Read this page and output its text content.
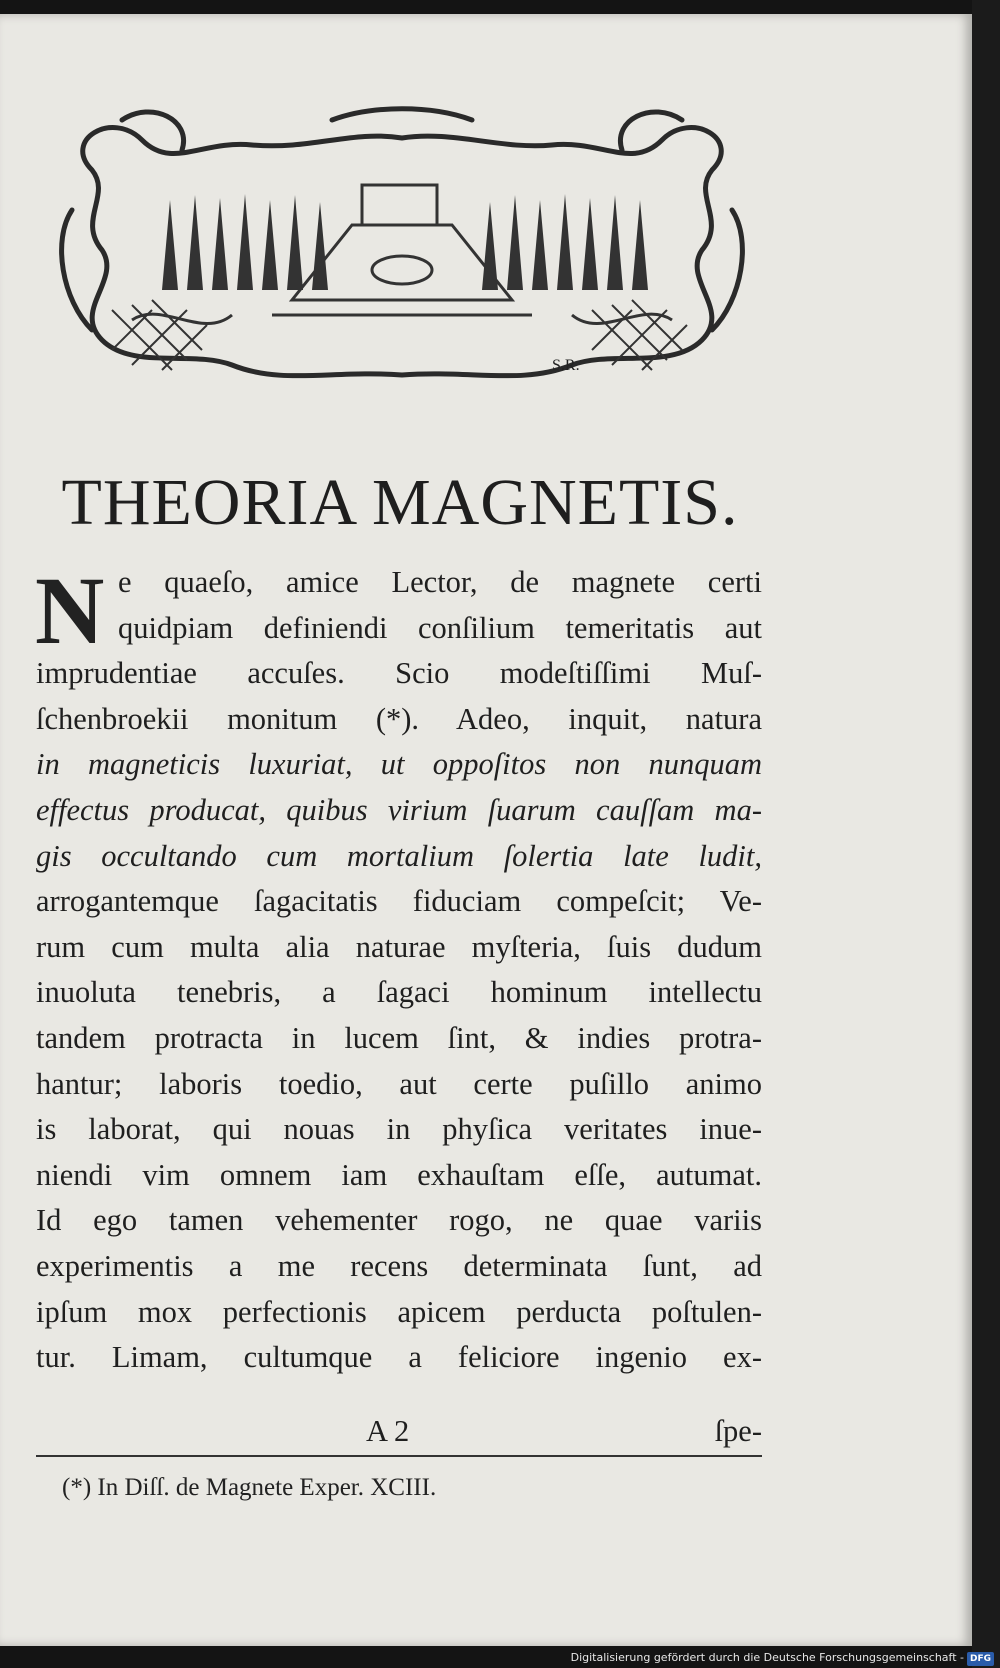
S.R.
THEORIA MAGNETIS.
N e quaeſo, amice Lector, de magnete certi
quidpiam definiendi conſilium temeritatis aut
imprudentiae accuſes. Scio modeſtiſſimi Muſ-
ſchenbroekii monitum (*). Adeo, inquit, natura
in magneticis luxuriat, ut oppoſitos non nunquam
effectus producat, quibus virium ſuarum cauſſam ma-
gis occultando cum mortalium ſolertia late ludit,
arrogantemque ſagacitatis fiduciam compeſcit; Ve-
rum cum multa alia naturae myſteria, ſuis dudum
inuoluta tenebris, a ſagaci hominum intellectu
tandem protracta in lucem ſint, & indies protra-
hantur; laboris toedio, aut certe puſillo animo
is laborat, qui nouas in phyſica veritates inue-
niendi vim omnem iam exhauſtam eſſe, autumat.
Id ego tamen vehementer rogo, ne quae variis
experimentis a me recens determinata ſunt, ad
ipſum mox perfectionis apicem perducta poſtulen-
tur. Limam, cultumque a feliciore ingenio ex-
A 2	ſpe-
(*) In Diſſ. de Magnete Exper. XCIII.
Digitalisierung gefördert durch die Deutsche Forschungsgemeinschaft - DFG
